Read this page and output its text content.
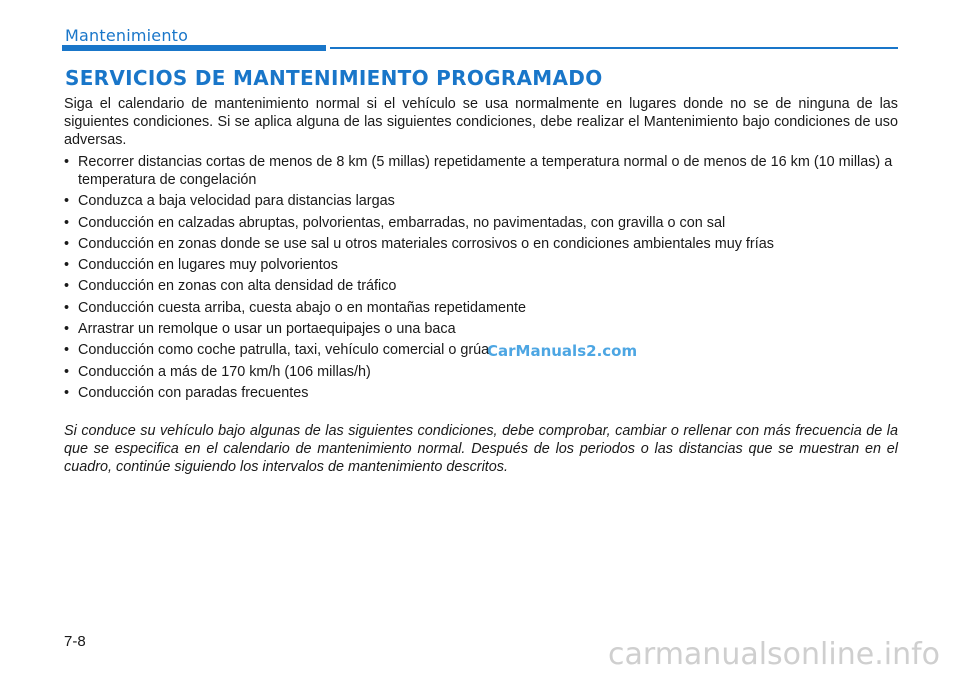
Mantenimiento
SERVICIOS DE MANTENIMIENTO PROGRAMADO

Siga el calendario de mantenimiento normal si el vehículo se usa normalmente en lugares donde no se de ninguna de las siguientes condiciones. Si se aplica alguna de las siguientes condiciones, debe realizar el Mantenimiento bajo condiciones de uso adversas.

• Recorrer distancias cortas de menos de 8 km (5 millas) repetidamente a temperatura normal o de menos de 16 km (10 millas) a temperatura de congelación
• Conduzca a baja velocidad para distancias largas
• Conducción en calzadas abruptas, polvorientas, embarradas, no pavimentadas, con gravilla o con sal
• Conducción en zonas donde se use sal u otros materiales corrosivos o en condiciones ambientales muy frías
• Conducción en lugares muy polvorientos
• Conducción en zonas con alta densidad de tráfico
• Conducción cuesta arriba, cuesta abajo o en montañas repetidamente
• Arrastrar un remolque o usar un portaequipajes o una baca
• Conducción como coche patrulla, taxi, vehículo comercial o grúa
• Conducción a más de 170 km/h (106 millas/h)
• Conducción con paradas frecuentes

Si conduce su vehículo bajo algunas de las siguientes condiciones, debe comprobar, cambiar o rellenar con más frecuencia de la que se especifica en el calendario de mantenimiento normal. Después de los periodos o las distancias que se muestran en el cuadro, continúe siguiendo los intervalos de mantenimiento descritos.

CarManuals2.com
7-8	carmanualsonline.info
